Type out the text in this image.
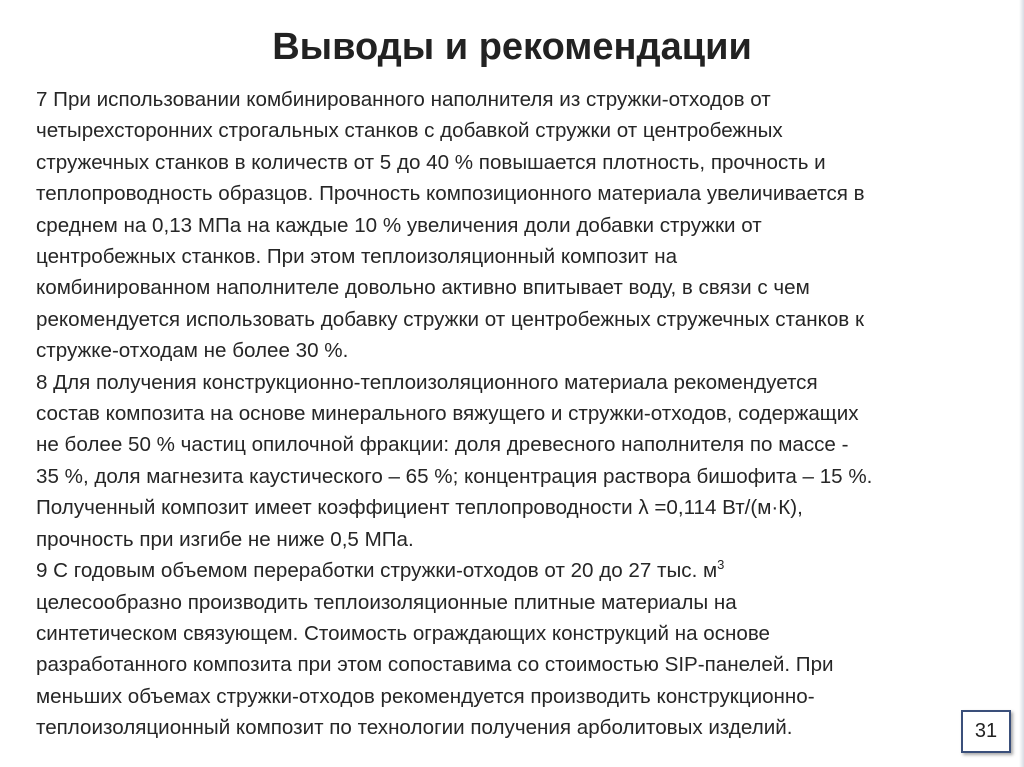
Выводы и рекомендации

7 При использовании комбинированного наполнителя из стружки-отходов от
четырехсторонних строгальных станков с добавкой стружки от центробежных
стружечных станков в количеств от 5 до 40 % повышается плотность, прочность и
теплопроводность образцов. Прочность композиционного материала увеличивается в
среднем на 0,13 МПа на каждые 10 % увеличения доли добавки стружки от
центробежных станков. При этом теплоизоляционный композит на
комбинированном наполнителе довольно активно впитывает воду, в связи с чем
рекомендуется использовать добавку стружки от центробежных стружечных станков к
стружке-отходам не более 30 %.

8 Для получения конструкционно-теплоизоляционного материала рекомендуется
состав композита на основе минерального вяжущего и стружки-отходов, содержащих
не более 50 % частиц опилочной фракции: доля древесного наполнителя по массе -
35 %, доля магнезита каустического – 65 %; концентрация раствора бишофита – 15 %.
Полученный композит имеет коэффициент теплопроводности λ =0,114 Вт/(м·К),
прочность при изгибе не ниже 0,5 МПа.

9 С годовым объемом переработки стружки-отходов от 20 до 27 тыс. $м^3$
целесообразно производить теплоизоляционные плитные материалы на
синтетическом связующем. Стоимость ограждающих конструкций на основе
разработанного композита при этом сопоставима со стоимостью SIP-панелей. При
меньших объемах стружки-отходов рекомендуется производить конструкционно-
теплоизоляционный композит по технологии получения арболитовых изделий.	31
